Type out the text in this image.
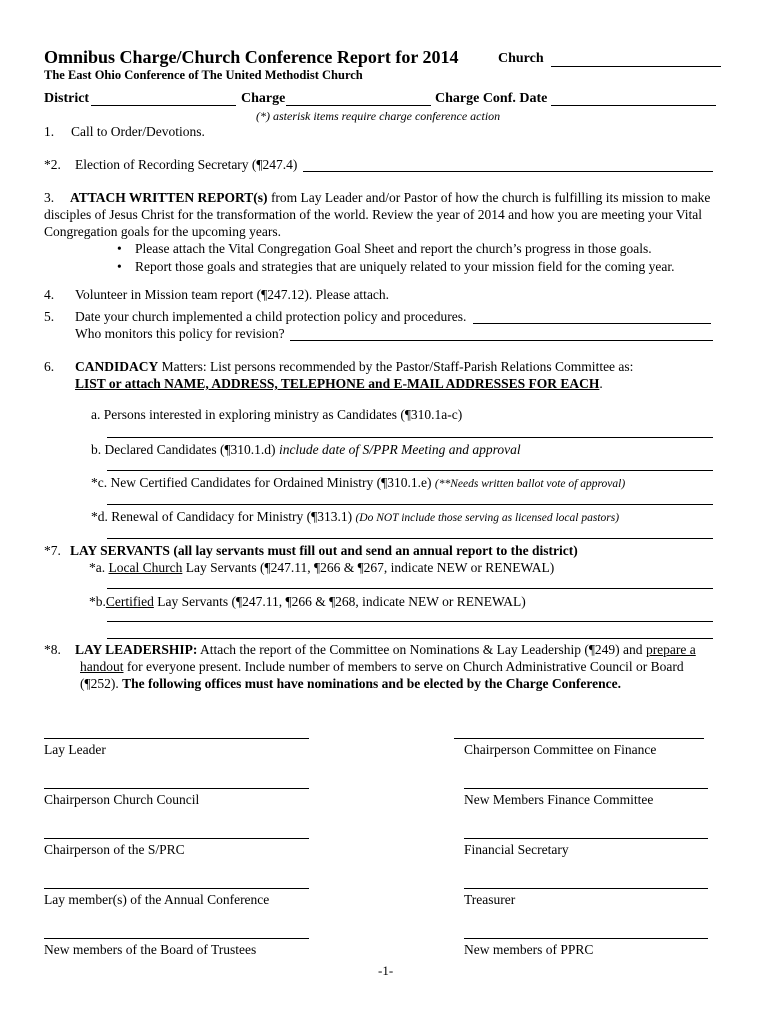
Omnibus Charge/Church Conference Report for 2014	Church
The East Ohio Conference of The United Methodist Church
District	Charge	Charge Conf. Date
(*) asterisk items require charge conference action
1. Call to Order/Devotions.
*2. Election of Recording Secretary (¶247.4)
3. ATTACH WRITTEN REPORT(s) from Lay Leader and/or Pastor of how the church is fulfilling its mission to make
disciples of Jesus Christ for the transformation of the world. Review the year of 2014 and how you are meeting your Vital
Congregation goals for the upcoming years.
• Please attach the Vital Congregation Goal Sheet and report the church’s progress in those goals.
• Report those goals and strategies that are uniquely related to your mission field for the coming year.
4. Volunteer in Mission team report (¶247.12). Please attach.
5. Date your church implemented a child protection policy and procedures.
Who monitors this policy for revision?
6. CANDIDACY Matters: List persons recommended by the Pastor/Staff-Parish Relations Committee as:
LIST or attach NAME, ADDRESS, TELEPHONE and E-MAIL ADDRESSES FOR EACH.
a. Persons interested in exploring ministry as Candidates (¶310.1a-c)
b. Declared Candidates (¶310.1.d) include date of S/PPR Meeting and approval
*c. New Certified Candidates for Ordained Ministry (¶310.1.e) (**Needs written ballot vote of approval)
*d. Renewal of Candidacy for Ministry (¶313.1) (Do NOT include those serving as licensed local pastors)
*7. LAY SERVANTS (all lay servants must fill out and send an annual report to the district)
*a. Local Church Lay Servants (¶247.11, ¶266 & ¶267, indicate NEW or RENEWAL)
*b.Certified Lay Servants (¶247.11, ¶266 & ¶268, indicate NEW or RENEWAL)
*8. LAY LEADERSHIP: Attach the report of the Committee on Nominations & Lay Leadership (¶249) and prepare a
handout for everyone present. Include number of members to serve on Church Administrative Council or Board
(¶252). The following offices must have nominations and be elected by the Charge Conference.
Lay Leader	Chairperson Committee on Finance
Chairperson Church Council	New Members Finance Committee
Chairperson of the S/PRC	Financial Secretary
Lay member(s) of the Annual Conference	Treasurer
New members of the Board of Trustees	New members of PPRC
-1-
